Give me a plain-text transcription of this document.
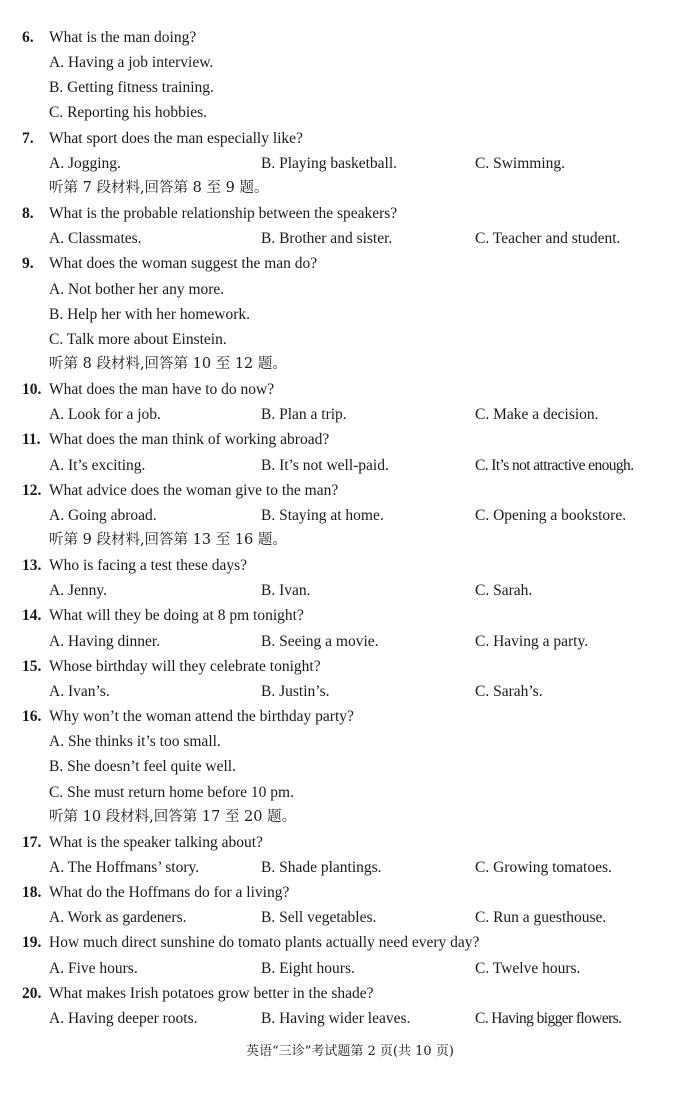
6. What is the man doing?
A. Having a job interview.
B. Getting fitness training.
C. Reporting his hobbies.
7. What sport does the man especially like?
A. Jogging.	B. Playing basketball.	C. Swimming.
听第 7 段材料,回答第 8 至 9 题。
8. What is the probable relationship between the speakers?
A. Classmates.	B. Brother and sister.	C. Teacher and student.
9. What does the woman suggest the man do?
A. Not bother her any more.
B. Help her with her homework.
C. Talk more about Einstein.
听第 8 段材料,回答第 10 至 12 题。
10. What does the man have to do now?
A. Look for a job.	B. Plan a trip.	C. Make a decision.
11. What does the man think of working abroad?
A. It’s exciting.	B. It’s not well-paid.	C. It’s not attractive enough.
12. What advice does the woman give to the man?
A. Going abroad.	B. Staying at home.	C. Opening a bookstore.
听第 9 段材料,回答第 13 至 16 题。
13. Who is facing a test these days?
A. Jenny.	B. Ivan.	C. Sarah.
14. What will they be doing at 8 pm tonight?
A. Having dinner.	B. Seeing a movie.	C. Having a party.
15. Whose birthday will they celebrate tonight?
A. Ivan’s.	B. Justin’s.	C. Sarah’s.
16. Why won’t the woman attend the birthday party?
A. She thinks it’s too small.
B. She doesn’t feel quite well.
C. She must return home before 10 pm.
听第 10 段材料,回答第 17 至 20 题。
17. What is the speaker talking about?
A. The Hoffmans’ story.	B. Shade plantings.	C. Growing tomatoes.
18. What do the Hoffmans do for a living?
A. Work as gardeners.	B. Sell vegetables.	C. Run a guesthouse.
19. How much direct sunshine do tomato plants actually need every day?
A. Five hours.	B. Eight hours.	C. Twelve hours.
20. What makes Irish potatoes grow better in the shade?
A. Having deeper roots.	B. Having wider leaves.	C. Having bigger flowers.
英语“三诊”考试题第 2 页(共 10 页)
